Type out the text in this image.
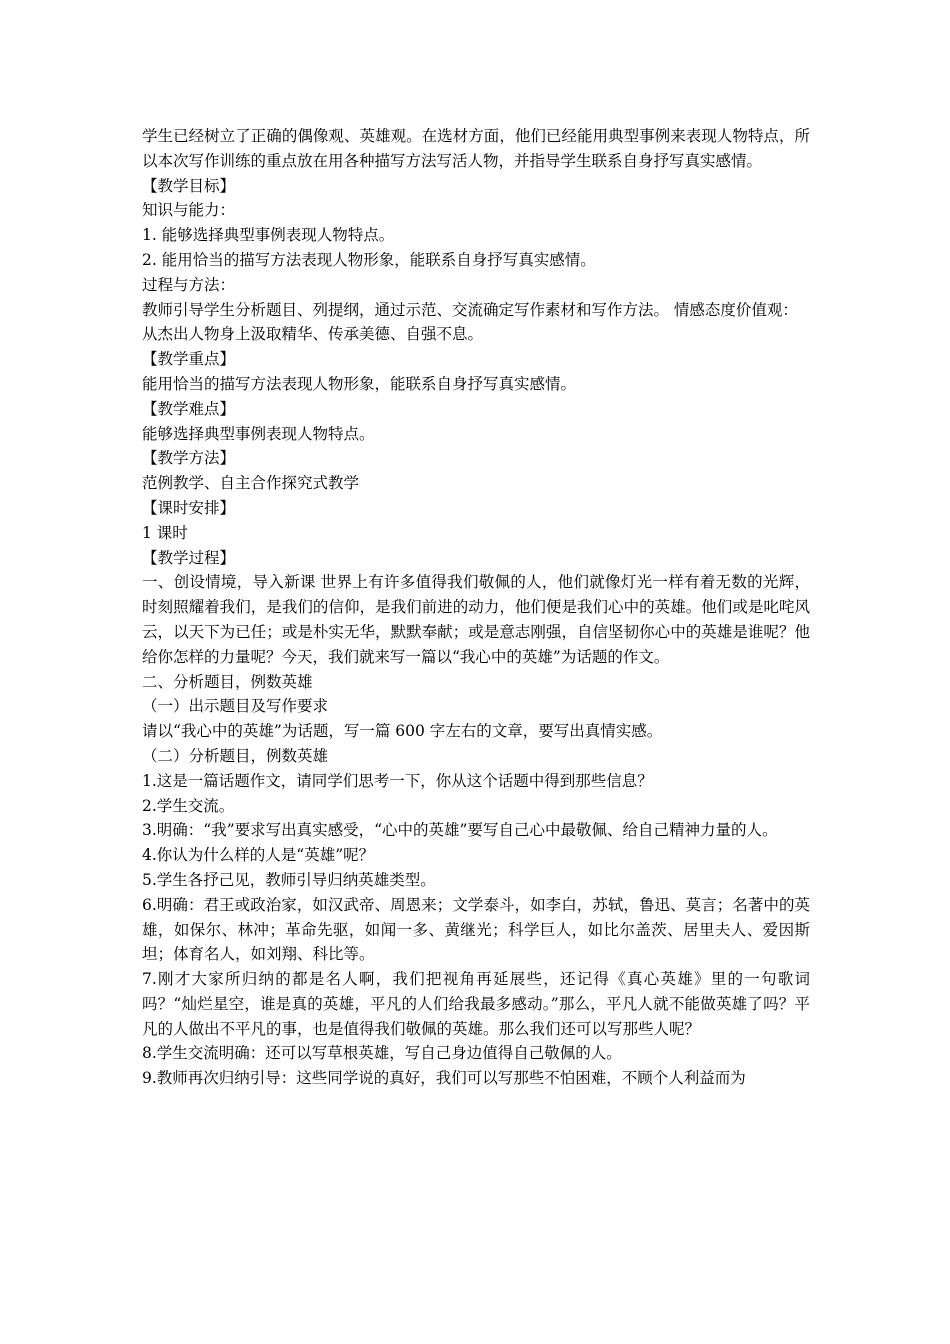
学生已经树立了正确的偶像观、英雄观。在选材方面，他们已经能用典型事例来表现人物特点，所以本次写作训练的重点放在用各种描写方法写活人物，并指导学生联系自身抒写真实感情。

【教学目标】

知识与能力：

1. 能够选择典型事例表现人物特点。

2. 能用恰当的描写方法表现人物形象，能联系自身抒写真实感情。

过程与方法：

教师引导学生分析题目、列提纲，通过示范、交流确定写作素材和写作方法。 情感态度价值观：

从杰出人物身上汲取精华、传承美德、自强不息。

【教学重点】

能用恰当的描写方法表现人物形象，能联系自身抒写真实感情。

【教学难点】

能够选择典型事例表现人物特点。

【教学方法】

范例教学、自主合作探究式教学

【课时安排】

1 课时

【教学过程】

一、创设情境，导入新课 世界上有许多值得我们敬佩的人，他们就像灯光一样有着无数的光辉，时刻照耀着我们，是我们的信仰，是我们前进的动力，他们便是我们心中的英雄。他们或是叱咤风云，以天下为已任；或是朴实无华，默默奉献；或是意志刚强，自信坚韧你心中的英雄是谁呢？他给你怎样的力量呢？今天，我们就来写一篇以“我心中的英雄”为话题的作文。

二、分析题目，例数英雄

（一）出示题目及写作要求

请以“我心中的英雄”为话题，写一篇 600 字左右的文章，要写出真情实感。

（二）分析题目，例数英雄

1.这是一篇话题作文，请同学们思考一下，你从这个话题中得到那些信息？

2.学生交流。

3.明确：“我”要求写出真实感受，“心中的英雄”要写自己心中最敬佩、给自己精神力量的人。

4.你认为什么样的人是“英雄”呢？

5.学生各抒己见，教师引导归纳英雄类型。

6.明确：君王或政治家，如汉武帝、周恩来；文学泰斗，如李白，苏轼，鲁迅、莫言；名著中的英雄，如保尔、林冲；革命先驱，如闻一多、黄继光；科学巨人，如比尔盖茨、居里夫人、爱因斯坦；体育名人，如刘翔、科比等。

7.刚才大家所归纳的都是名人啊，我们把视角再延展些，还记得《真心英雄》里的一句歌词吗？“灿烂星空，谁是真的英雄，平凡的人们给我最多感动。”那么，平凡人就不能做英雄了吗？平凡的人做出不平凡的事，也是值得我们敬佩的英雄。那么我们还可以写那些人呢？

8.学生交流明确：还可以写草根英雄，写自己身边值得自己敬佩的人。

9.教师再次归纳引导：这些同学说的真好，我们可以写那些不怕困难，不顾个人利益而为
